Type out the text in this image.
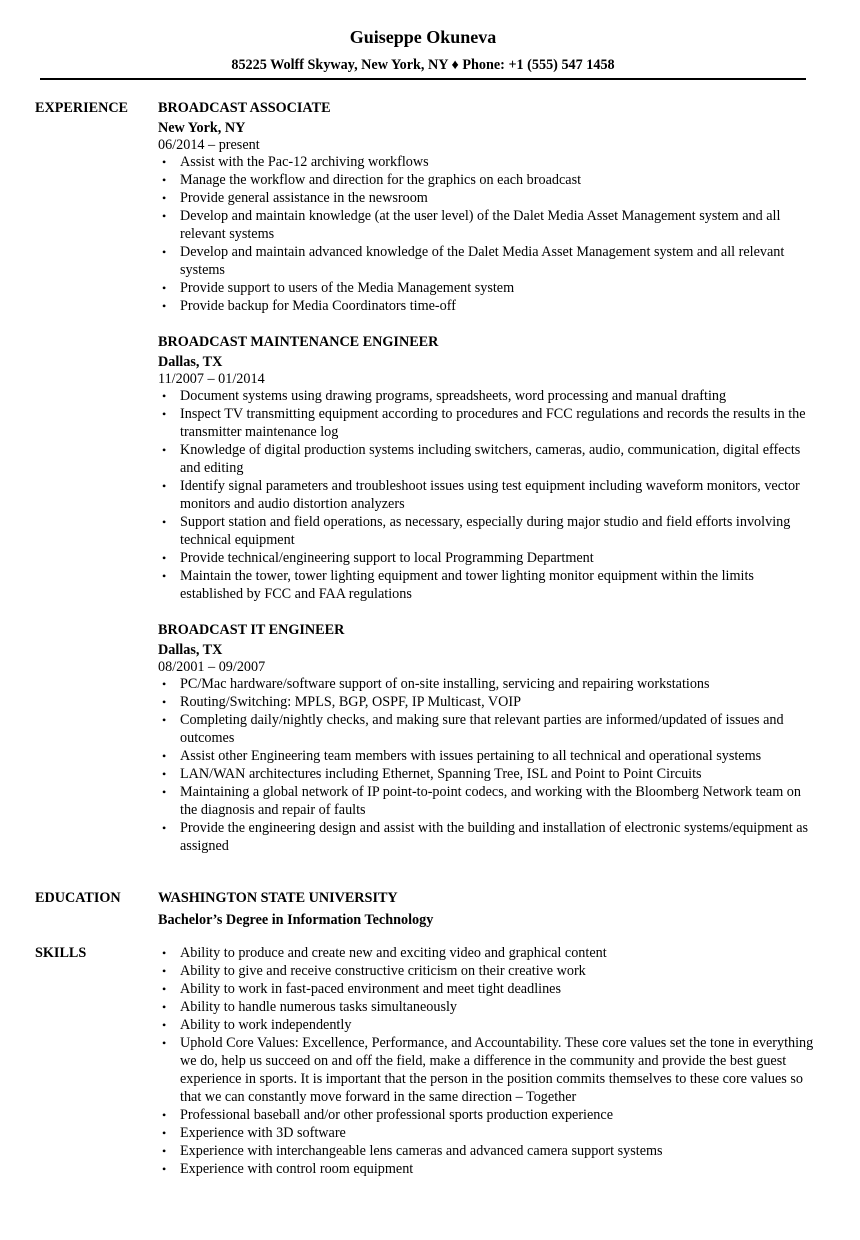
Guiseppe Okuneva
85225 Wolff Skyway, New York, NY ♦ Phone: +1 (555) 547 1458
EXPERIENCE BROADCAST ASSOCIATE
New York, NY
06/2014 – present
• Assist with the Pac-12 archiving workflows
• Manage the workflow and direction for the graphics on each broadcast
• Provide general assistance in the newsroom
• Develop and maintain knowledge (at the user level) of the Dalet Media Asset Management system and all relevant systems
• Develop and maintain advanced knowledge of the Dalet Media Asset Management system and all relevant systems
• Provide support to users of the Media Management system
• Provide backup for Media Coordinators time-off
BROADCAST MAINTENANCE ENGINEER
Dallas, TX
11/2007 – 01/2014
• Document systems using drawing programs, spreadsheets, word processing and manual drafting
• Inspect TV transmitting equipment according to procedures and FCC regulations and records the results in the transmitter maintenance log
• Knowledge of digital production systems including switchers, cameras, audio, communication, digital effects and editing
• Identify signal parameters and troubleshoot issues using test equipment including waveform monitors, vector monitors and audio distortion analyzers
• Support station and field operations, as necessary, especially during major studio and field efforts involving technical equipment
• Provide technical/engineering support to local Programming Department
• Maintain the tower, tower lighting equipment and tower lighting monitor equipment within the limits established by FCC and FAA regulations
BROADCAST IT ENGINEER
Dallas, TX
08/2001 – 09/2007
• PC/Mac hardware/software support of on-site installing, servicing and repairing workstations
• Routing/Switching: MPLS, BGP, OSPF, IP Multicast, VOIP
• Completing daily/nightly checks, and making sure that relevant parties are informed/updated of issues and outcomes
• Assist other Engineering team members with issues pertaining to all technical and operational systems
• LAN/WAN architectures including Ethernet, Spanning Tree, ISL and Point to Point Circuits
• Maintaining a global network of IP point-to-point codecs, and working with the Bloomberg Network team on the diagnosis and repair of faults
• Provide the engineering design and assist with the building and installation of electronic systems/equipment as assigned
EDUCATION	WASHINGTON STATE UNIVERSITY
Bachelor’s Degree in Information Technology
SKILLS	• Ability to produce and create new and exciting video and graphical content
• Ability to give and receive constructive criticism on their creative work
• Ability to work in fast-paced environment and meet tight deadlines
• Ability to handle numerous tasks simultaneously
• Ability to work independently
• Uphold Core Values: Excellence, Performance, and Accountability. These core values set the tone in everything we do, help us succeed on and off the field, make a difference in the community and provide the best guest experience in sports. It is important that the person in the position commits themselves to these core values so that we can constantly move forward in the same direction – Together
• Professional baseball and/or other professional sports production experience
• Experience with 3D software
• Experience with interchangeable lens cameras and advanced camera support systems
• Experience with control room equipment
